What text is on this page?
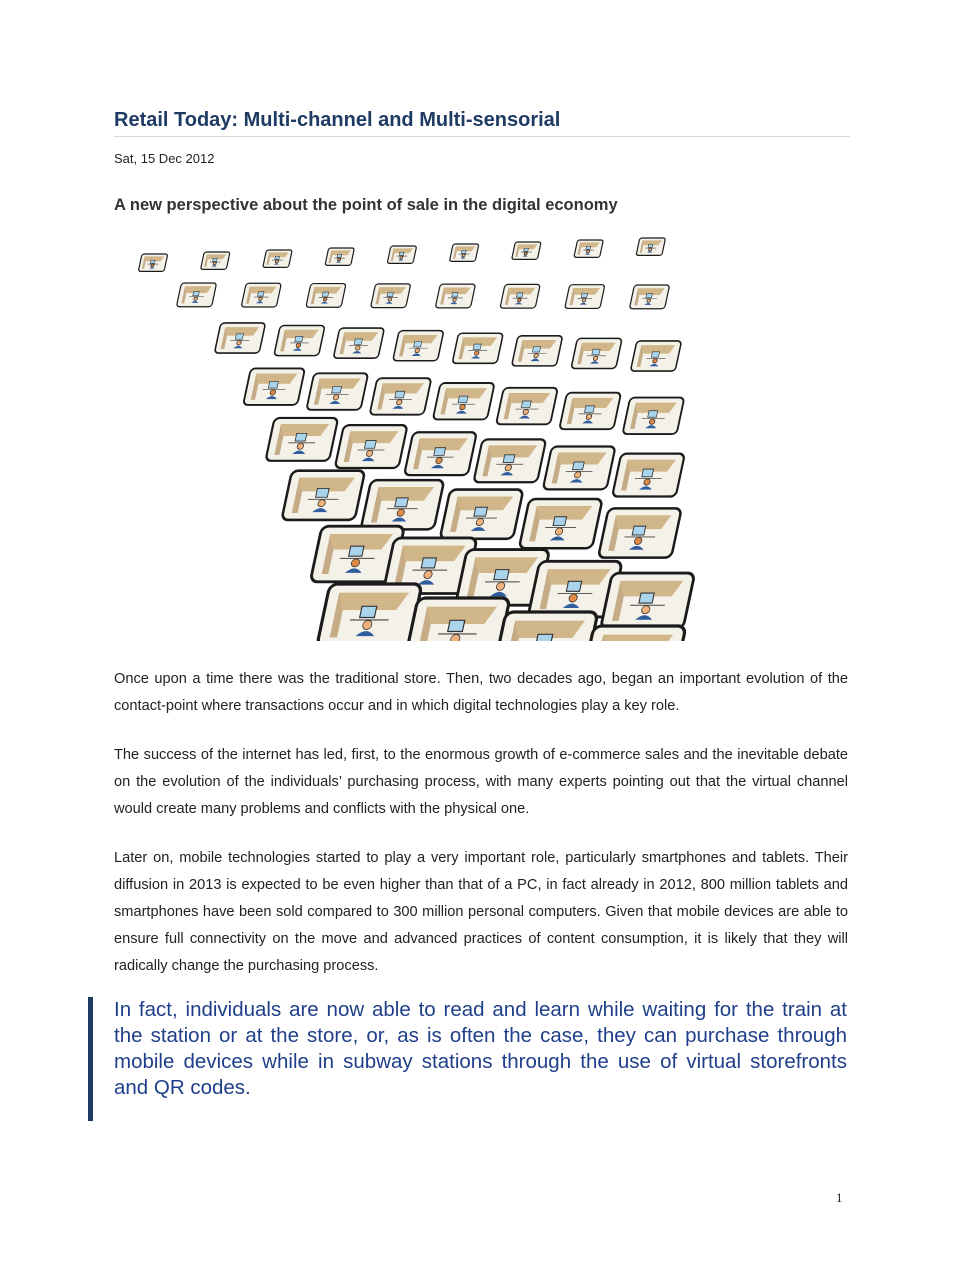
Retail Today: Multi-channel and Multi-sensorial
Sat, 15 Dec 2012
A new perspective about the point of sale in the digital economy

Once upon a time there was the traditional store. Then, two decades ago, began an important evolution of the contact-point where transactions occur and in which digital technologies play a key role.

The success of the internet has led, first, to the enormous growth of e-commerce sales and the inevitable debate on the evolution of the individuals’ purchasing process, with many experts pointing out that the virtual channel would create many problems and conflicts with the physical one.

Later on, mobile technologies started to play a very important role, particularly smartphones and tablets. Their diffusion in 2013 is expected to be even higher than that of a PC, in fact already in 2012, 800 million tablets and smartphones have been sold compared to 300 million personal computers. Given that mobile devices are able to ensure full connectivity on the move and advanced practices of content consumption, it is likely that they will radically change the purchasing process.

In fact, individuals are now able to read and learn while waiting for the train at the station or at the store, or, as is often the case, they can purchase through mobile devices while in subway stations through the use of virtual storefronts and QR codes.

1
